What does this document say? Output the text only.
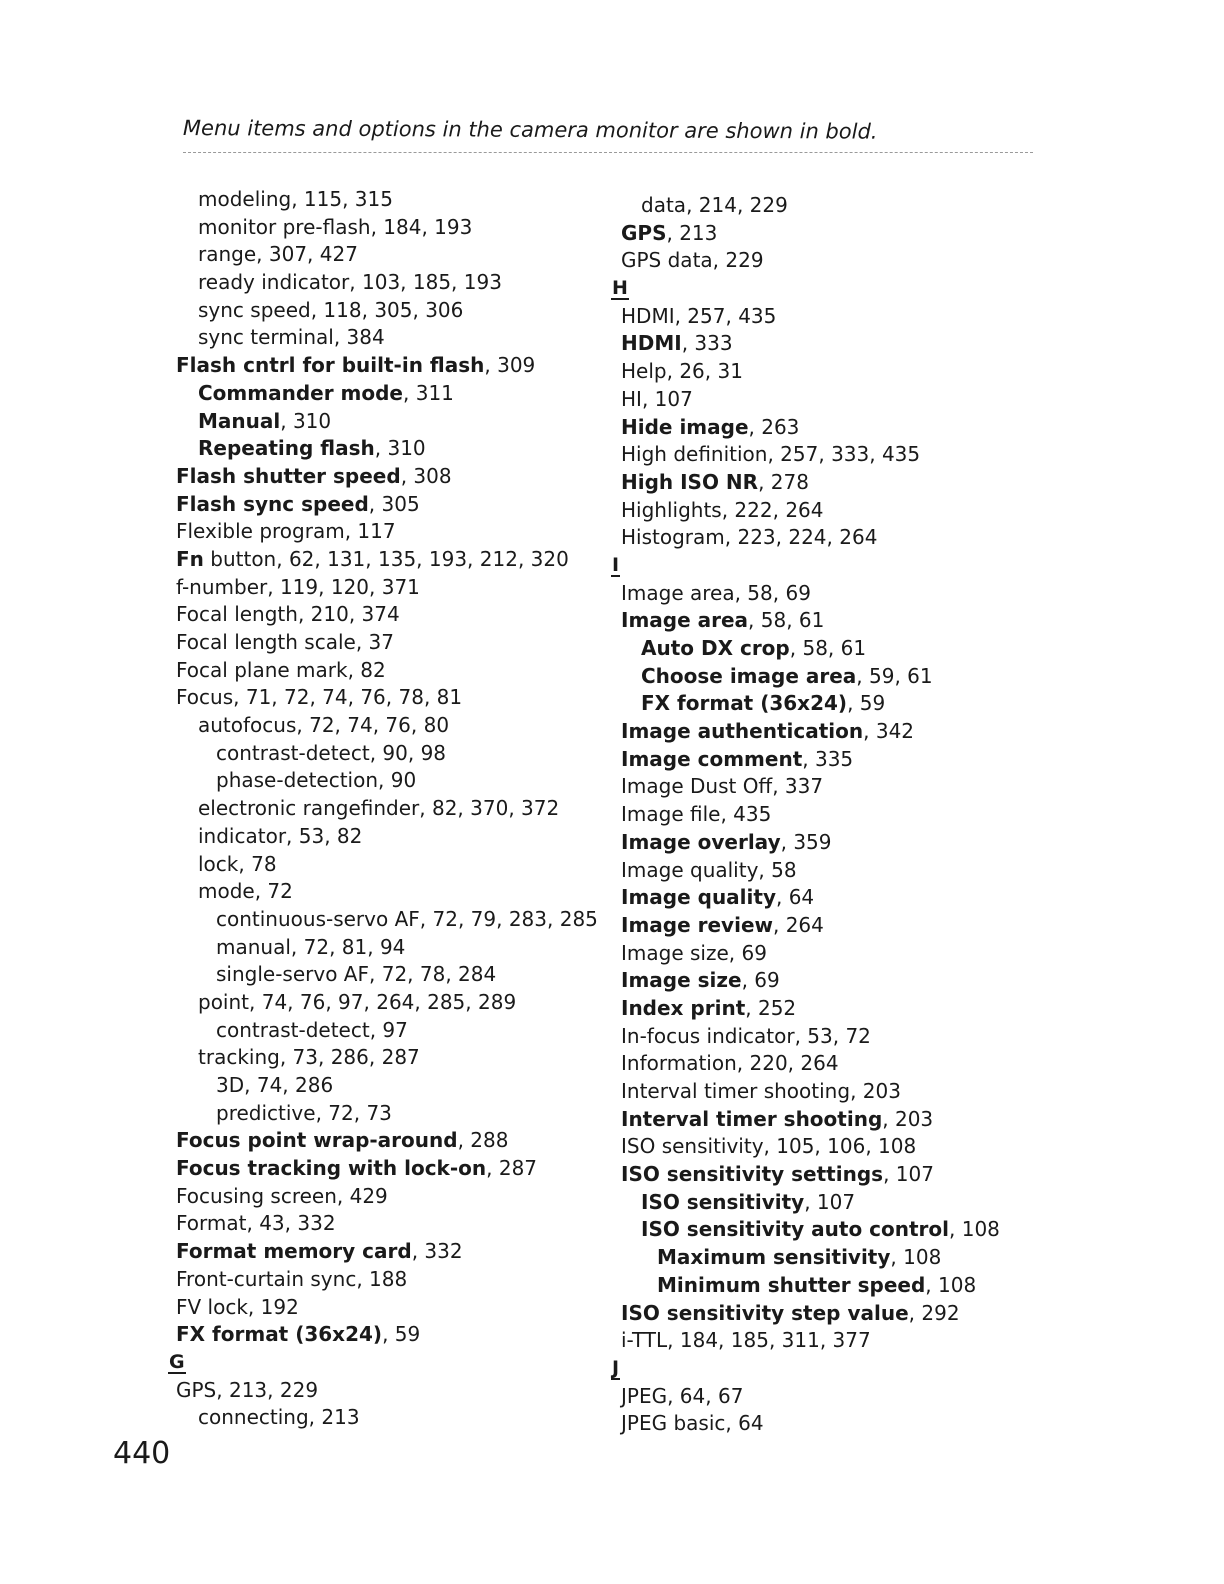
Menu items and options in the camera monitor are shown in bold.
modeling, 115, 315
monitor pre-flash, 184, 193
range, 307, 427
ready indicator, 103, 185, 193
sync speed, 118, 305, 306
sync terminal, 384
Flash cntrl for built-in flash, 309
Commander mode, 311
Manual, 310
Repeating flash, 310
Flash shutter speed, 308
Flash sync speed, 305
Flexible program, 117
Fn button, 62, 131, 135, 193, 212, 320
f-number, 119, 120, 371
Focal length, 210, 374
Focal length scale, 37
Focal plane mark, 82
Focus, 71, 72, 74, 76, 78, 81
autofocus, 72, 74, 76, 80
contrast-detect, 90, 98
phase-detection, 90
electronic rangefinder, 82, 370, 372
indicator, 53, 82
lock, 78
mode, 72
continuous-servo AF, 72, 79, 283, 285
manual, 72, 81, 94
single-servo AF, 72, 78, 284
point, 74, 76, 97, 264, 285, 289
contrast-detect, 97
tracking, 73, 286, 287
3D, 74, 286
predictive, 72, 73
Focus point wrap-around, 288
Focus tracking with lock-on, 287
Focusing screen, 429
Format, 43, 332
Format memory card, 332
Front-curtain sync, 188
FV lock, 192
FX format (36x24), 59
G
GPS, 213, 229
connecting, 213
data, 214, 229
GPS, 213
GPS data, 229
H
HDMI, 257, 435
HDMI, 333
Help, 26, 31
HI, 107
Hide image, 263
High definition, 257, 333, 435
High ISO NR, 278
Highlights, 222, 264
Histogram, 223, 224, 264
I
Image area, 58, 69
Image area, 58, 61
Auto DX crop, 58, 61
Choose image area, 59, 61
FX format (36x24), 59
Image authentication, 342
Image comment, 335
Image Dust Off, 337
Image file, 435
Image overlay, 359
Image quality, 58
Image quality, 64
Image review, 264
Image size, 69
Image size, 69
Index print, 252
In-focus indicator, 53, 72
Information, 220, 264
Interval timer shooting, 203
Interval timer shooting, 203
ISO sensitivity, 105, 106, 108
ISO sensitivity settings, 107
ISO sensitivity, 107
ISO sensitivity auto control, 108
Maximum sensitivity, 108
Minimum shutter speed, 108
ISO sensitivity step value, 292
i-TTL, 184, 185, 311, 377
J
JPEG, 64, 67
JPEG basic, 64
440
